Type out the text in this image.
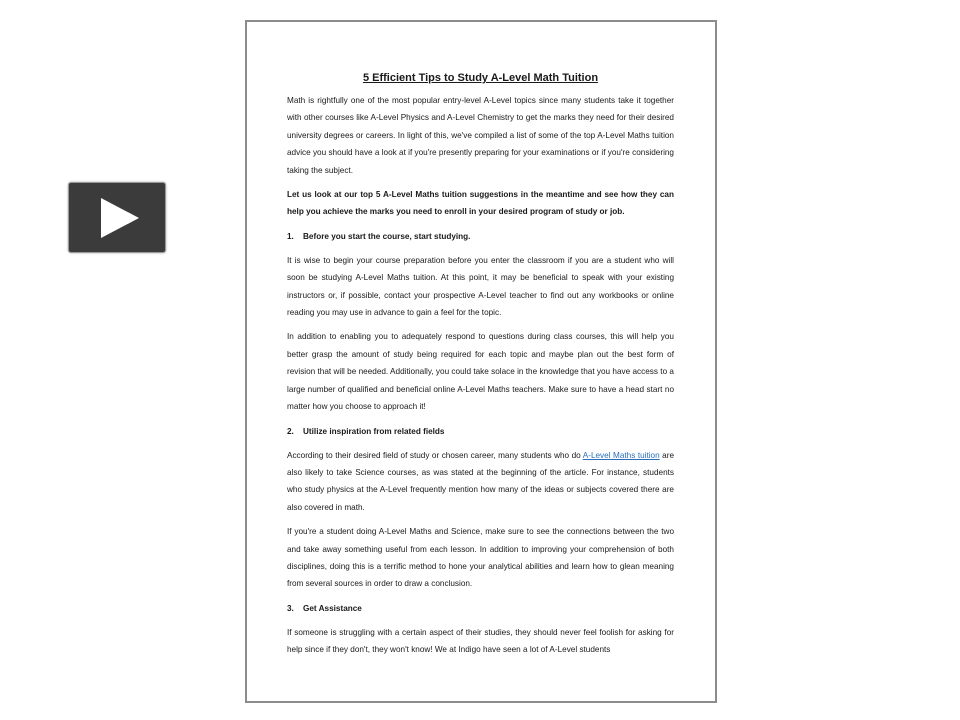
5 Efficient Tips to Study A-Level Math Tuition

Math is rightfully one of the most popular entry-level A-Level topics since many students take it together with other courses like A-Level Physics and A-Level Chemistry to get the marks they need for their desired university degrees or careers. In light of this, we've compiled a list of some of the top A-Level Maths tuition advice you should have a look at if you're presently preparing for your examinations or if you're considering taking the subject.

Let us look at our top 5 A-Level Maths tuition suggestions in the meantime and see how they can help you achieve the marks you need to enroll in your desired program of study or job.

1. Before you start the course, start studying.

It is wise to begin your course preparation before you enter the classroom if you are a student who will soon be studying A-Level Maths tuition. At this point, it may be beneficial to speak with your existing instructors or, if possible, contact your prospective A-Level teacher to find out any workbooks or online reading you may use in advance to gain a feel for the topic.

In addition to enabling you to adequately respond to questions during class courses, this will help you better grasp the amount of study being required for each topic and maybe plan out the best form of revision that will be needed. Additionally, you could take solace in the knowledge that you have access to a large number of qualified and beneficial online A-Level Maths teachers. Make sure to have a head start no matter how you choose to approach it!

2. Utilize inspiration from related fields

According to their desired field of study or chosen career, many students who do A-Level Maths tuition are also likely to take Science courses, as was stated at the beginning of the article. For instance, students who study physics at the A-Level frequently mention how many of the ideas or subjects covered there are also covered in math.

If you're a student doing A-Level Maths and Science, make sure to see the connections between the two and take away something useful from each lesson. In addition to improving your comprehension of both disciplines, doing this is a terrific method to hone your analytical abilities and learn how to glean meaning from several sources in order to draw a conclusion.

3. Get Assistance

If someone is struggling with a certain aspect of their studies, they should never feel foolish for asking for help since if they don't, they won't know! We at Indigo have seen a lot of A-Level students
